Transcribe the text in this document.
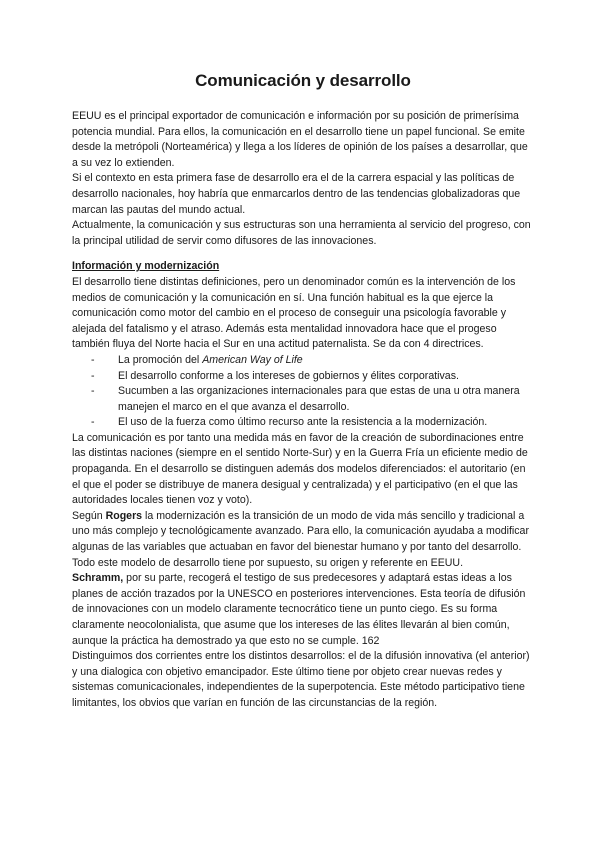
Comunicación y desarrollo

EEUU es el principal exportador de comunicación e información por su posición de primerísima potencia mundial. Para ellos, la comunicación en el desarrollo tiene un papel funcional. Se emite desde la metrópoli (Norteamérica) y llega a los líderes de opinión de los países a desarrollar, que a su vez lo extienden.

Si el contexto en esta primera fase de desarrollo era el de la carrera espacial y las políticas de desarrollo nacionales, hoy habría que enmarcarlos dentro de las tendencias globalizadoras que marcan las pautas del mundo actual.

Actualmente, la comunicación y sus estructuras son una herramienta al servicio del progreso, con la principal utilidad de servir como difusores de las innovaciones.

Información y modernización

El desarrollo tiene distintas definiciones, pero un denominador común es la intervención de los medios de comunicación y la comunicación en sí. Una función habitual es la que ejerce la comunicación como motor del cambio en el proceso de conseguir una psicología favorable y alejada del fatalismo y el atraso. Además esta mentalidad innovadora hace que el progeso también fluya del Norte hacia el Sur en una actitud paternalista. Se da con 4 directrices.

- La promoción del American Way of Life
- El desarrollo conforme a los intereses de gobiernos y élites corporativas.
- Sucumben a las organizaciones internacionales para que estas de una u otra manera manejen el marco en el que avanza el desarrollo.
- El uso de la fuerza como último recurso ante la resistencia a la modernización.

La comunicación es por tanto una medida más en favor de la creación de subordinaciones entre las distintas naciones (siempre en el sentido Norte-Sur) y en la Guerra Fría un eficiente medio de propaganda. En el desarrollo se distinguen además dos modelos diferenciados: el autoritario (en el que el poder se distribuye de manera desigual y centralizada) y el participativo (en el que las autoridades locales tienen voz y voto).

Según Rogers la modernización es la transición de un modo de vida más sencillo y tradicional a uno más complejo y tecnológicamente avanzado. Para ello, la comunicación ayudaba a modificar algunas de las variables que actuaban en favor del bienestar humano y por tanto del desarrollo. Todo este modelo de desarrollo tiene por supuesto, su origen y referente en EEUU.

Schramm, por su parte, recogerá el testigo de sus predecesores y adaptará estas ideas a los planes de acción trazados por la UNESCO en posteriores intervenciones. Esta teoría de difusión de innovaciones con un modelo claramente tecnocrático tiene un punto ciego. Es su forma claramente neocolonialista, que asume que los intereses de las élites llevarán al bien común, aunque la práctica ha demostrado ya que esto no se cumple. 162

Distinguimos dos corrientes entre los distintos desarrollos: el de la difusión innovativa (el anterior) y una dialogica con objetivo emancipador. Este último tiene por objeto crear nuevas redes y sistemas comunicacionales, independientes de la superpotencia. Este método participativo tiene limitantes, los obvios que varían en función de las circunstancias de la región.
